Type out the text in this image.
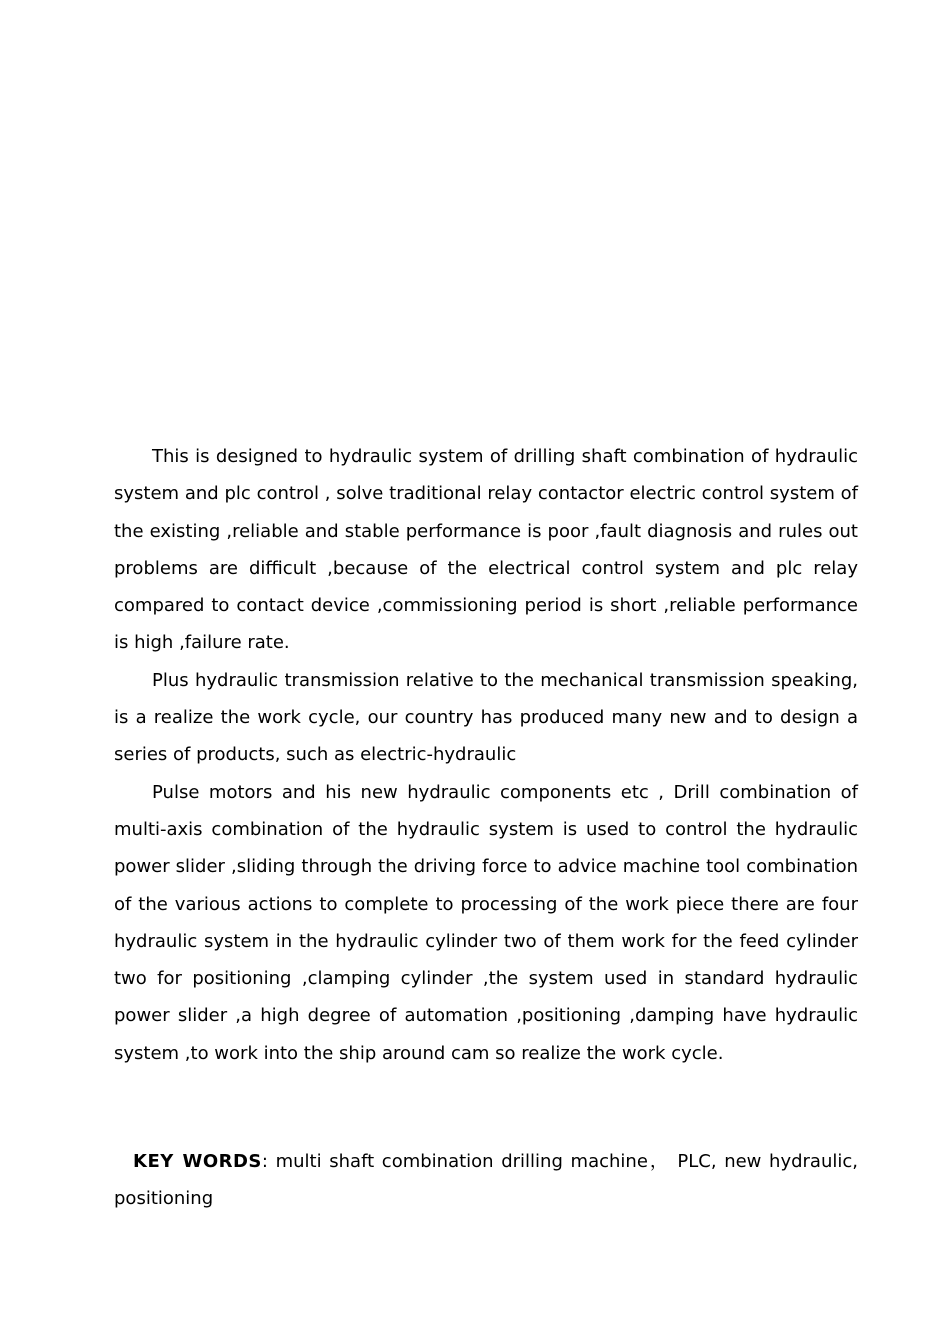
This is designed to hydraulic system of drilling shaft combination of hydraulic system and plc control , solve traditional relay contactor electric control system of the existing ,reliable and stable performance is poor ,fault diagnosis and rules out problems are difficult ,because of the electrical control system and plc relay compared to contact device ,commissioning period is short ,reliable performance is high ,failure rate.

Plus hydraulic transmission relative to the mechanical transmission speaking, is a realize the work cycle, our country has produced many new and to design a series of products, such as electric-hydraulic

Pulse motors and his new hydraulic components etc , Drill combination of multi-axis combination of the hydraulic system is used to control the hydraulic power slider ,sliding through the driving force to advice machine tool combination of the various actions to complete to processing of the work piece there are four hydraulic system in the hydraulic cylinder two of them work for the feed cylinder two for positioning ,clamping cylinder ,the system used in standard hydraulic power slider ,a high degree of automation ,positioning ,damping have hydraulic system ,to work into the ship around cam so realize the work cycle.

KEY WORDS: multi shaft combination drilling machine， PLC, new hydraulic, positioning
